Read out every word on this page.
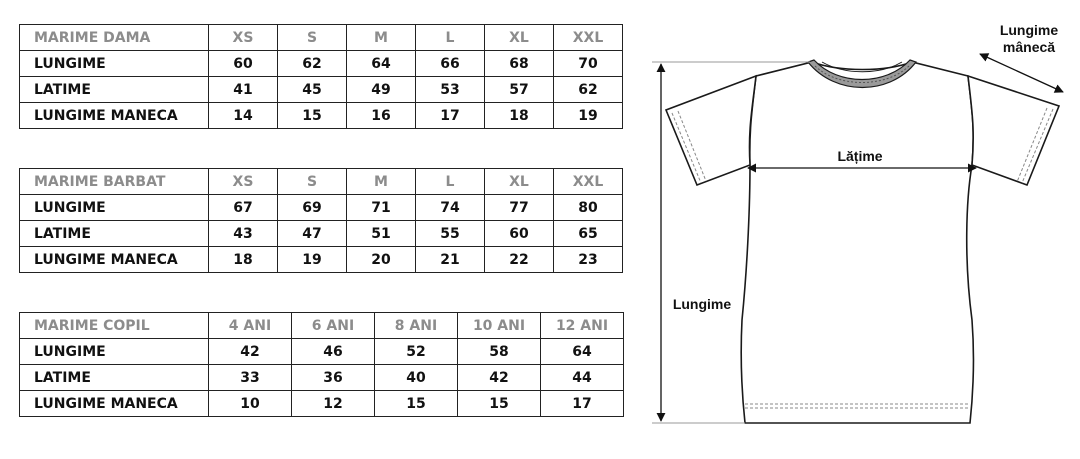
MARIME DAMA	XS	S	M	L	XL	XXL
LUNGIME	60	62	64	66	68	70
LATIME	41	45	49	53	57	62
LUNGIME MANECA	14	15	16	17	18	19
MARIME BARBAT	XS	S	M	L	XL	XXL
LUNGIME	67	69	71	74	77	80
LATIME	43	47	51	55	60	65
LUNGIME MANECA	18	19	20	21	22	23
MARIME COPIL	4 ANI	6 ANI	8 ANI	10 ANI	12 ANI
LUNGIME	42	46	52	58	64
LATIME	33	36	40	42	44
LUNGIME MANECA	10	12	15	15	17
Lungime
mânecă
Lățime
Lungime
